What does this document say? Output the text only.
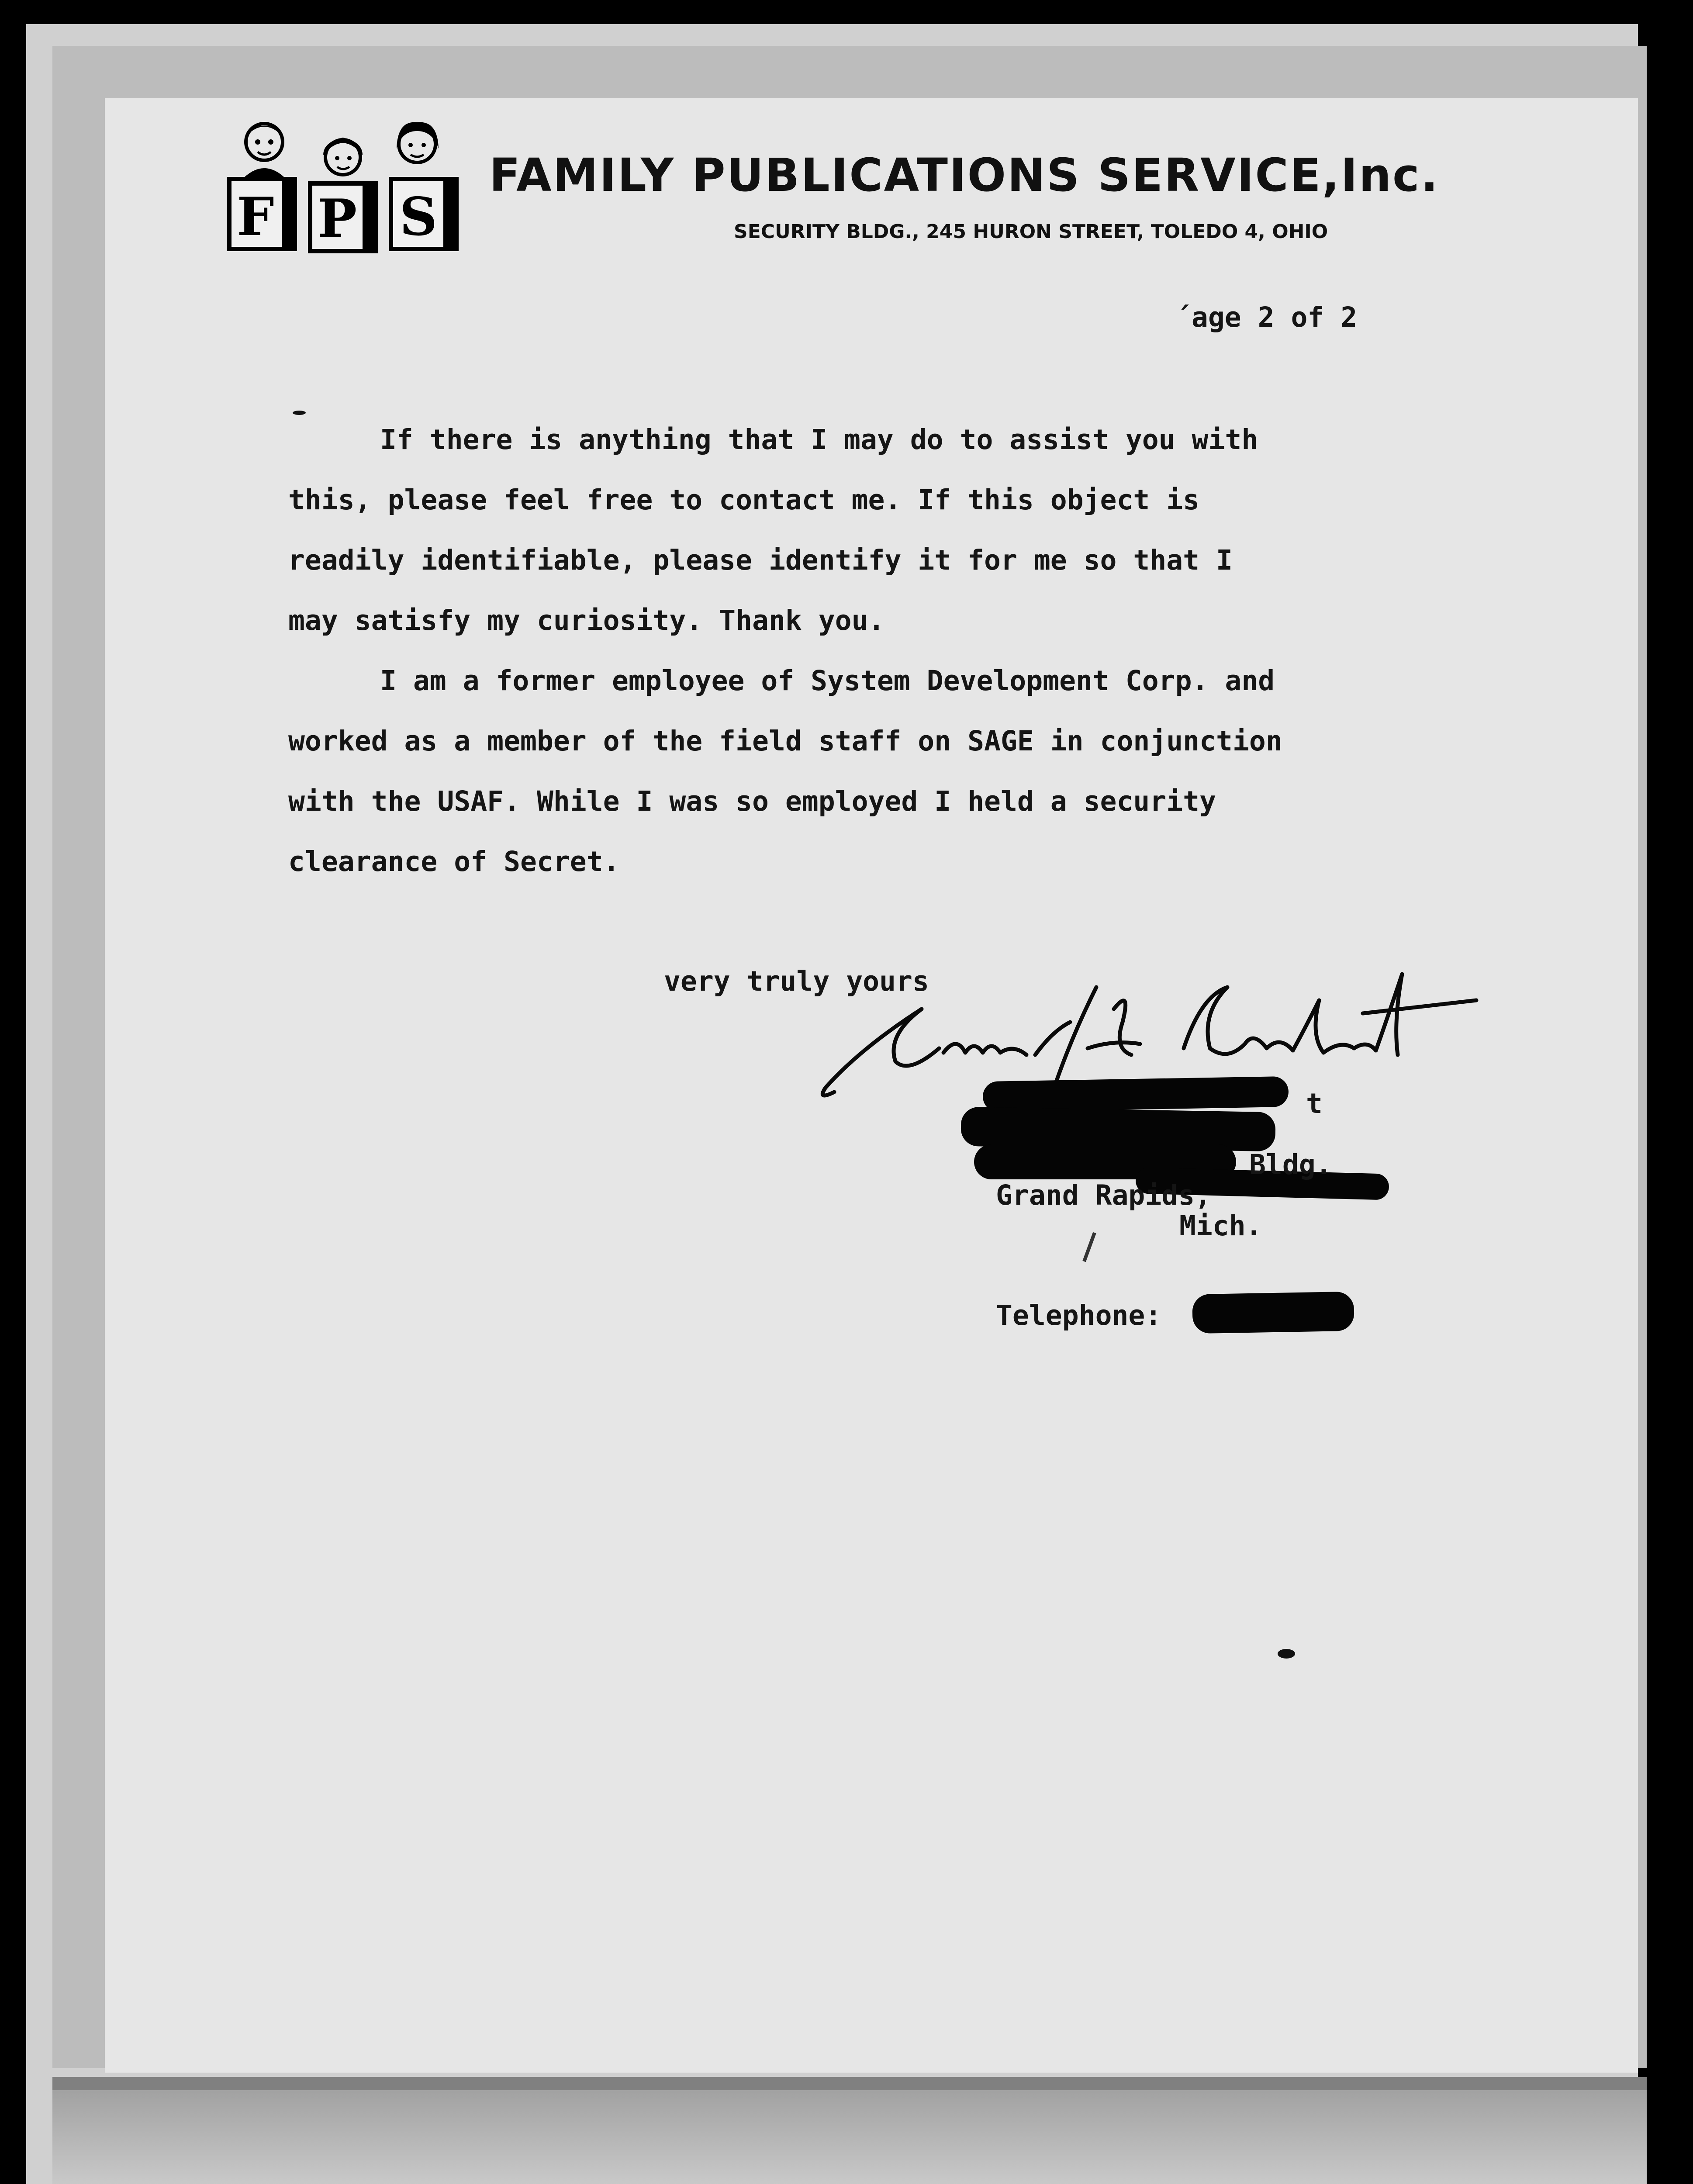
F P S
FAMILY PUBLICATIONS SERVICE,Inc.
SECURITY BLDG., 245 HURON STREET, TOLEDO 4, OHIO
´age 2 of 2
If there is anything that I may do to assist you with
this, please feel free to contact me. If this object is
readily identifiable, please identify it for me so that I
may satisfy my curiosity. Thank you.
I am a former employee of System Development Corp. and
worked as a member of the field staff on SAGE in conjunction
with the USAF. While I was so employed I held a security
clearance of Secret.
very truly yours
t
Bldg.
Grand Rapids,
Mich.
Telephone:
